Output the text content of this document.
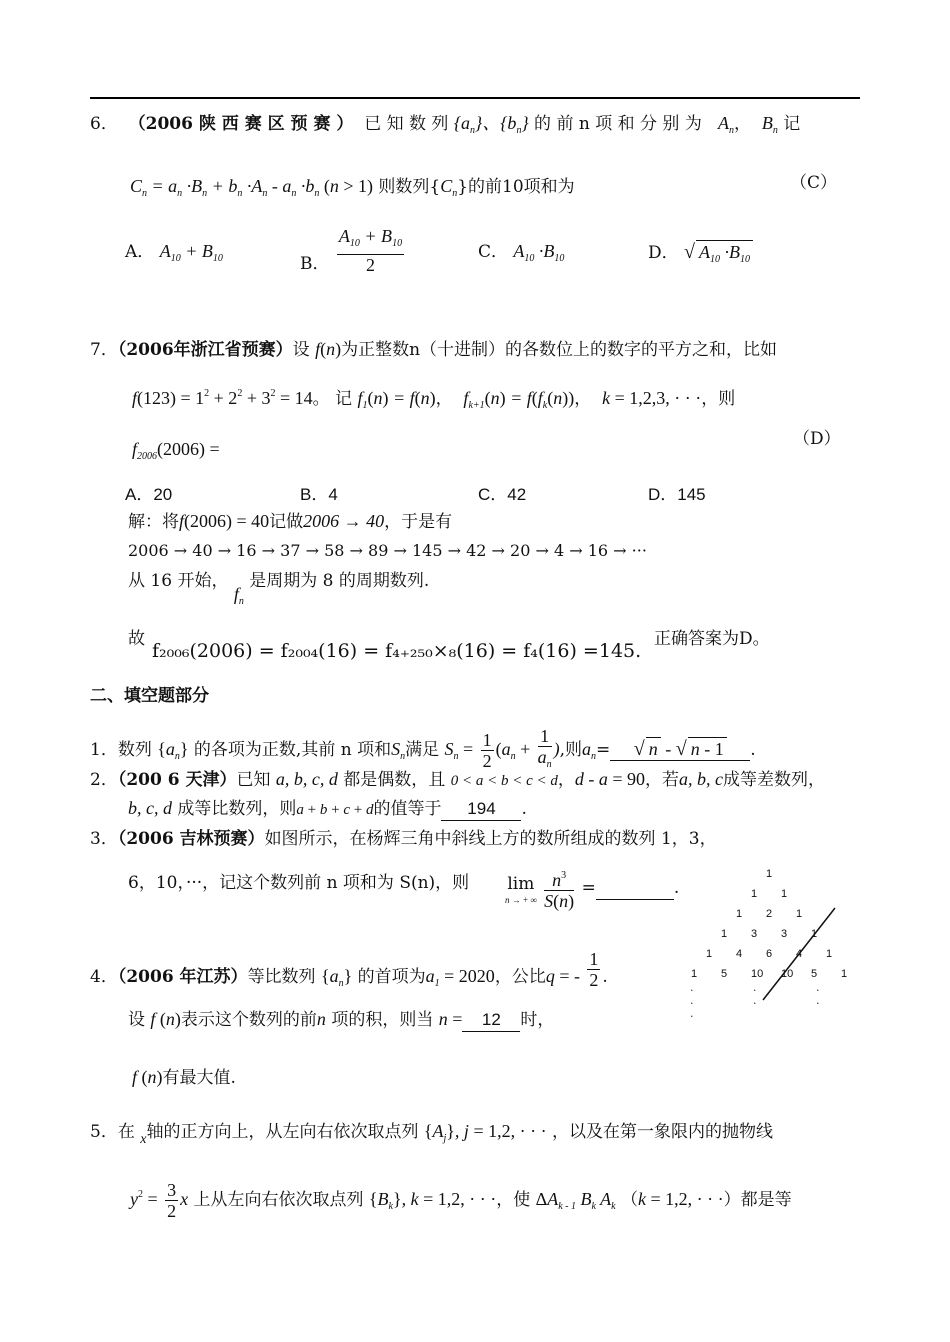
6． （2006 陕 西 赛 区 预 赛 ） 已 知 数 列 $\{a_n\}$、$\{b_n\}$ 的 前 n 项 和 分 别 为 $A_n$，  $B_n$ 记
$C_n = a_n \cdot B_n + b_n \cdot A_n - a_n \cdot b_n$ (n > 1) 则数列$\{C_n\}$的前10项和为	（C）
A． $A_{10} + B_{10}$	B． $\frac{A_{10} + B_{10}}{2}$	C． $A_{10} \cdot B_{10}$	D． √ $A_{10} \cdot B_{10}$
7．（2006年浙江省预赛）设 f(n)为正整数n（十进制）的各数位上的数字的平方之和，比如
$f(123) = 1^2 + 2^2 + 3^2 = 14$。 记 $f_1(n) = f(n)$，  $f_{k+1}(n) = f(f_k(n))$，  k = 1,2,3, · · ·，则
$f_{2006}(2006)$ =	（D）
A．20	B．4	C．42	D．145
解：将f(2006) = 40记做2006 → 40，于是有
2006 → 40 → 16 → 37 → 58 → 89 → 145 → 42 → 20 → 4 → 16 → ···
从 16 开始， $f_n$ 是周期为 8 的周期数列.
故
f₂₀₀₆(2006) = f₂₀₀₄(16) = f₄₊₂₅₀×₈(16) = f₄(16) =145.
正确答案为D。
二、填空题部分
1．数列 $\{a_n\}$ 的各项为正数,其前 n 项和$S_n$满足 $S_n = \frac{1}{2} (a_n + \frac{1}{a_n}$ ),则$a_n=$ √ n - √ n - 1 .
2．（200 6 天津）已知 a, b, c, d 都是偶数，且 0 < a < b < c < d，d - a = 90，若a, b, c成等差数列，
b, c, d 成等比数列，则a + b + c + d的值等于 194 .
3．（2006 吉林预赛）如图所示，在杨辉三角中斜线上方的数所组成的数列 1，3，
6，10，···，记这个数列前 n 项和为 S(n)，则 lim
n → + ∞
$\frac{n^3}{S(n)}$ =	.
· · · · · · ·
1
1 1
1 2 1
1 3 3 1
1 4 6 4 1
1 5 10 10 5 1
4．（2006 年江苏）等比数列 $\{a_n\}$ 的首项为$a_1 = 2020$，公比q = - $\frac{1}{2}$ .
设 f (n)表示这个数列的前n 项的积，则当 n = 12 时，
f (n)有最大值.
5．在 $_x$轴的正方向上，从左向右依次取点列 $\{A_j\}$, j = 1,2, · · · ，以及在第一象限内的抛物线
$y^2 = \frac{3}{2}$ x 上从左向右依次取点列 $\{B_k\}$, k = 1,2, · · ·，使 $\Delta A_{k - 1}$ $B_k$ $A_k$ （k = 1,2, · · ·）都是等
